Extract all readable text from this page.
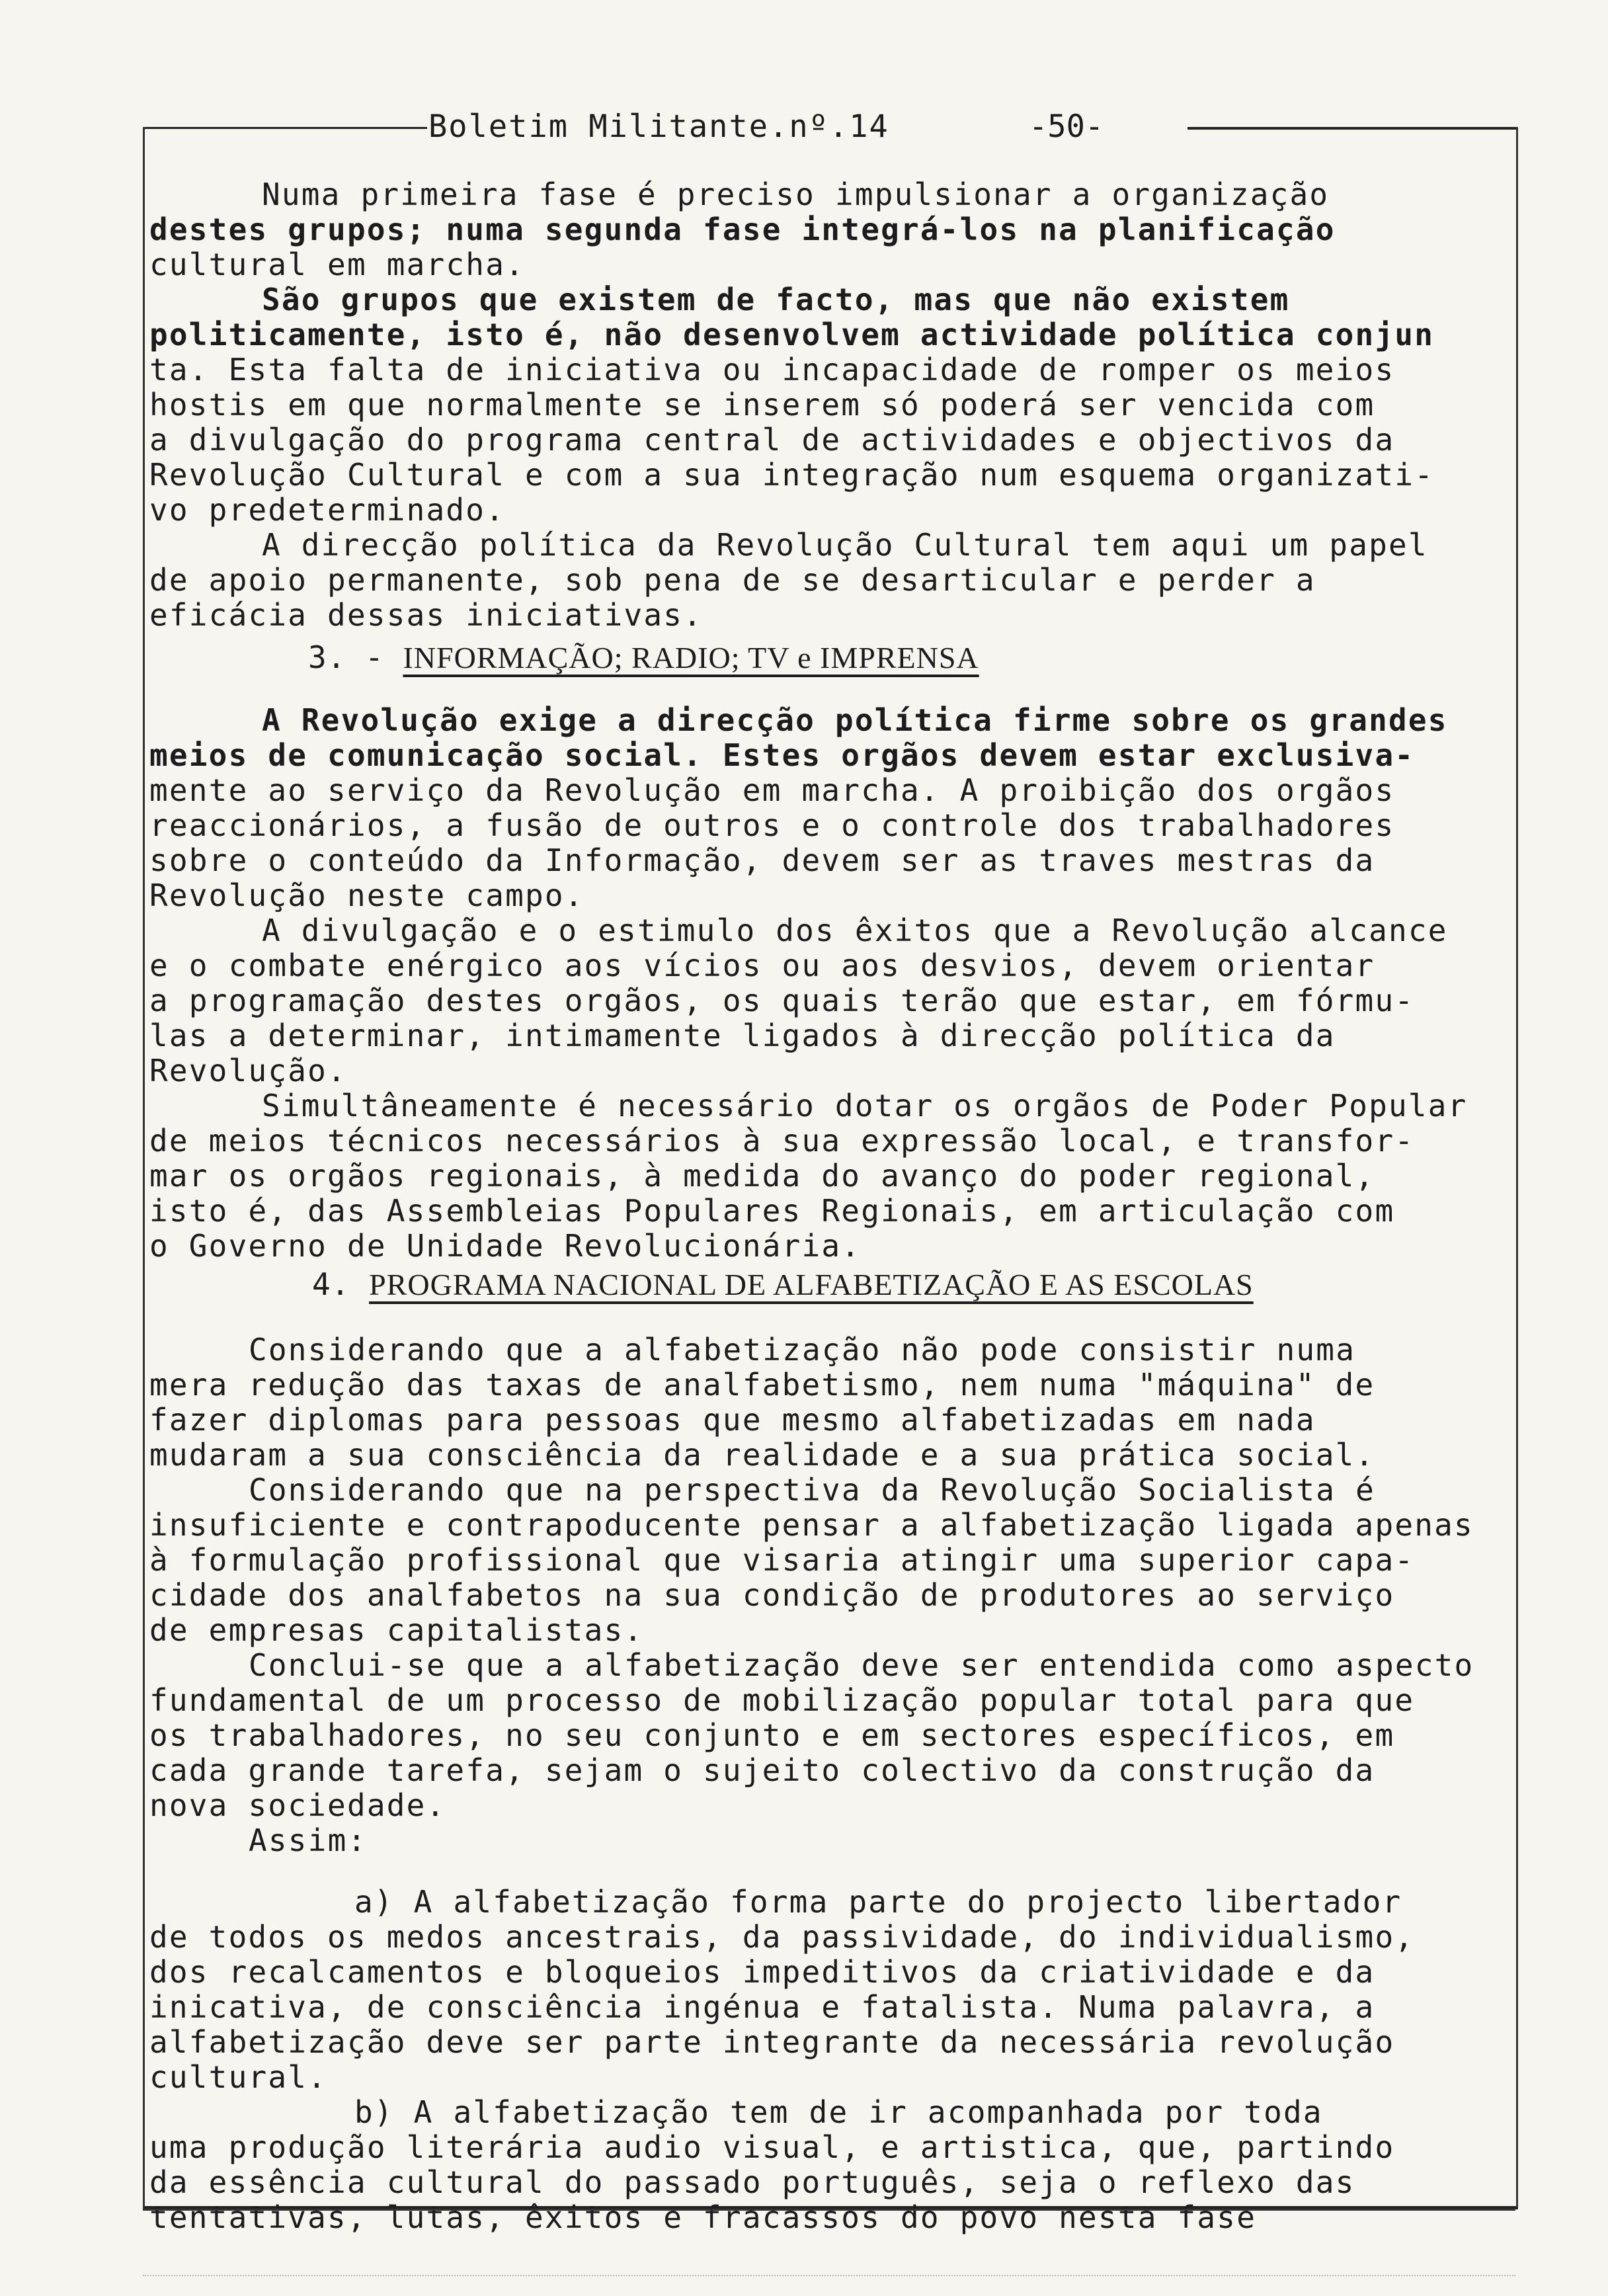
Boletim Militante.nº.14	-50-
Numa primeira fase é preciso impulsionar a organização
destes grupos; numa segunda fase integrá-los na planificação
cultural em marcha.
São grupos que existem de facto, mas que não existem
politicamente, isto é, não desenvolvem actividade política conjun
ta. Esta falta de iniciativa ou incapacidade de romper os meios
hostis em que normalmente se inserem só poderá ser vencida com
a divulgação do programa central de actividades e objectivos da
Revolução Cultural e com a sua integração num esquema organizati-
vo predeterminado.
A direcção política da Revolução Cultural tem aqui um papel
de apoio permanente, sob pena de se desarticular e perder a
eficácia dessas iniciativas.
3. - INFORMAÇÃO; RADIO; TV e IMPRENSA
A Revolução exige a direcção política firme sobre os grandes
meios de comunicação social. Estes orgãos devem estar exclusiva-
mente ao serviço da Revolução em marcha. A proibição dos orgãos
reaccionários, a fusão de outros e o controle dos trabalhadores
sobre o conteúdo da Informação, devem ser as traves mestras da
Revolução neste campo.
A divulgação e o estimulo dos êxitos que a Revolução alcance
e o combate enérgico aos vícios ou aos desvios, devem orientar
a programação destes orgãos, os quais terão que estar, em fórmu-
las a determinar, intimamente ligados à direcção política da
Revolução.
Simultâneamente é necessário dotar os orgãos de Poder Popular
de meios técnicos necessários à sua expressão local, e transfor-
mar os orgãos regionais, à medida do avanço do poder regional,
isto é, das Assembleias Populares Regionais, em articulação com
o Governo de Unidade Revolucionária.
4. PROGRAMA NACIONAL DE ALFABETIZAÇÃO E AS ESCOLAS
Considerando que a alfabetização não pode consistir numa
mera redução das taxas de analfabetismo, nem numa "máquina" de
fazer diplomas para pessoas que mesmo alfabetizadas em nada
mudaram a sua consciência da realidade e a sua prática social.
Considerando que na perspectiva da Revolução Socialista é
insuficiente e contrapoducente pensar a alfabetização ligada apenas
à formulação profissional que visaria atingir uma superior capa-
cidade dos analfabetos na sua condição de produtores ao serviço
de empresas capitalistas.
Conclui-se que a alfabetização deve ser entendida como aspecto
fundamental de um processo de mobilização popular total para que
os trabalhadores, no seu conjunto e em sectores específicos, em
cada grande tarefa, sejam o sujeito colectivo da construção da
nova sociedade.
Assim:
a) A alfabetização forma parte do projecto libertador
de todos os medos ancestrais, da passividade, do individualismo,
dos recalcamentos e bloqueios impeditivos da criatividade e da
inicativa, de consciência ingénua e fatalista. Numa palavra, a
alfabetização deve ser parte integrante da necessária revolução
cultural.
b) A alfabetização tem de ir acompanhada por toda
uma produção literária audio visual, e artistica, que, partindo
da essência cultural do passado português, seja o reflexo das
tentativas, lutas, êxitos e fracassos do povo nesta fase
